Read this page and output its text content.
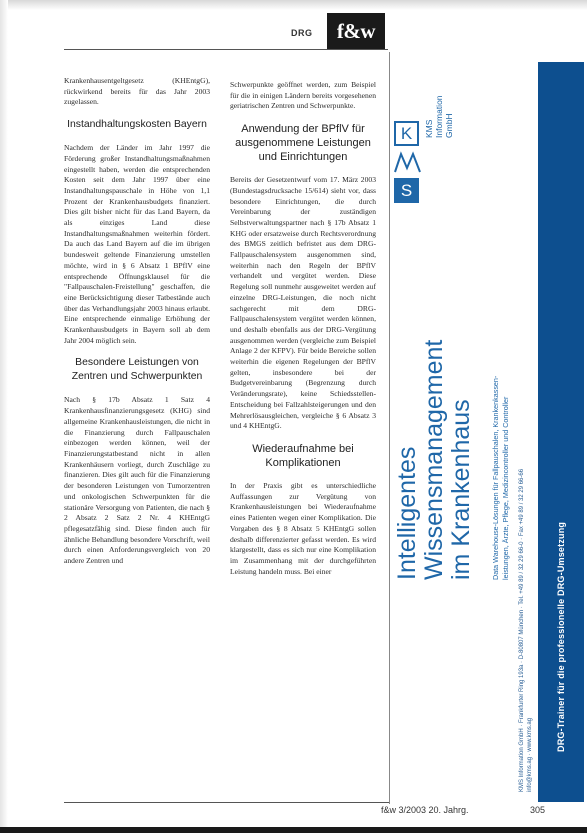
DRG	f&w

Krankenhausentgeltgesetz (KHEntgG), rückwirkend bereits für das Jahr 2003 zugelassen.

Instandhaltungskosten Bayern

Nachdem der Länder im Jahr 1997 die Förderung großer Instandhaltungsmaßnahmen eingestellt haben, werden die entsprechenden Kosten seit dem Jahr 1997 über eine Instandhaltungspauschale in Höhe von 1,1 Prozent der Krankenhausbudgets finanziert. Dies gilt bisher nicht für das Land Bayern, da als einziges Land diese Instandhaltungsmaßnahmen weiterhin fördert. Da auch das Land Bayern auf die im übrigen bundesweit geltende Finanzierung umstellen möchte, wird in § 6 Absatz 1 BPflV eine entsprechende Öffnungsklausel für die "Fallpauschalen-Freistellung" geschaffen, die eine Berücksichtigung dieser Tatbestände auch über das Verhandlungsjahr 2003 hinaus erlaubt. Eine entsprechende einmalige Erhöhung der Krankenhausbudgets in Bayern soll ab dem Jahr 2004 möglich sein.

Besondere Leistungen von Zentren und Schwerpunkten

Nach § 17b Absatz 1 Satz 4 Krankenhausfinanzierungsgesetz (KHG) sind allgemeine Krankenhausleistungen, die nicht in die Finanzierung durch Fallpauschalen einbezogen werden können, weil der Finanzierungstatbestand nicht in allen Krankenhäusern vorliegt, durch Zuschläge zu finanzieren. Dies gilt auch für die Finanzierung der besonderen Leistungen von Tumorzentren und onkologischen Schwerpunkten für die stationäre Versorgung von Patienten, die nach § 2 Absatz 2 Satz 2 Nr. 4 KHEntgG pflegesatzfähig sind. Diese finden auch für ähnliche Behandlung besondere Vorschrift, weil durch einen Anforderungsvergleich von 20 andere Zentren und

Schwerpunkte geöffnet werden, zum Beispiel für die in einigen Ländern bereits vorgesehenen geriatrischen Zentren und Schwerpunkte.

Anwendung der BPflV für ausgenommene Leistungen und Einrichtungen

Bereits der Gesetzentwurf vom 17. März 2003 (Bundestagsdrucksache 15/614) sieht vor, dass besondere Einrichtungen, die durch Vereinbarung der zuständigen Selbstverwaltungspartner nach § 17b Absatz 1 KHG oder ersatzweise durch Rechtsverordnung des BMGS zeitlich befristet aus dem DRG-Fallpauschalensystem ausgenommen sind, weiterhin nach den Regeln der BPflV verhandelt und vergütet werden. Diese Regelung soll nunmehr ausgeweitet werden auf einzelne DRG-Leistungen, die noch nicht sachgerecht mit dem DRG-Fallpauschalensystem vergütet werden können, und deshalb ebenfalls aus der DRG-Vergütung ausgenommen werden (vergleiche zum Beispiel Anlage 2 der KFPV). Für beide Bereiche sollen weiterhin die eigenen Regelungen der BPflV gelten, insbesondere bei der Budgetvereinbarung (Begrenzung durch Veränderungsrate), keine Schiedsstellen-Entscheidung bei Fallzahlsteigerungen und den Mehrerlösausgleichen, vergleiche § 6 Absatz 3 und 4 KHEntgG.

Wiederaufnahme bei Komplikationen

In der Praxis gibt es unterschiedliche Auffassungen zur Vergütung von Krankenhausleistungen bei Wiederaufnahme eines Patienten wegen einer Komplikation. Die Vorgaben des § 8 Absatz 5 KHEntgG sollen deshalb differenzierter gefasst werden. Es wird klargestellt, dass es sich nur eine Komplikation im Zusammenhang mit der durchgeführten Leistung handeln muss. Bei einer

K
S
KMS Information GmbH
Intelligentes Wissensmanagement im Krankenhaus Data Warehouse-Lösungen für Fallpauschalen, Krankenkassen- leistungen, Ärzte, Pflege, Medizincontroller und Controller KMS Information GmbH · Frankfurter Ring 193a · D-80807 München · Tel. +49 89 / 32 29 66-0 · Fax +49 89 / 32 29 66-66 info@kms.ag · www.kms.ag
DRG-Trainer für die professionelle DRG-Umsetzung
f&w 3/2003 20. Jahrg.	305
